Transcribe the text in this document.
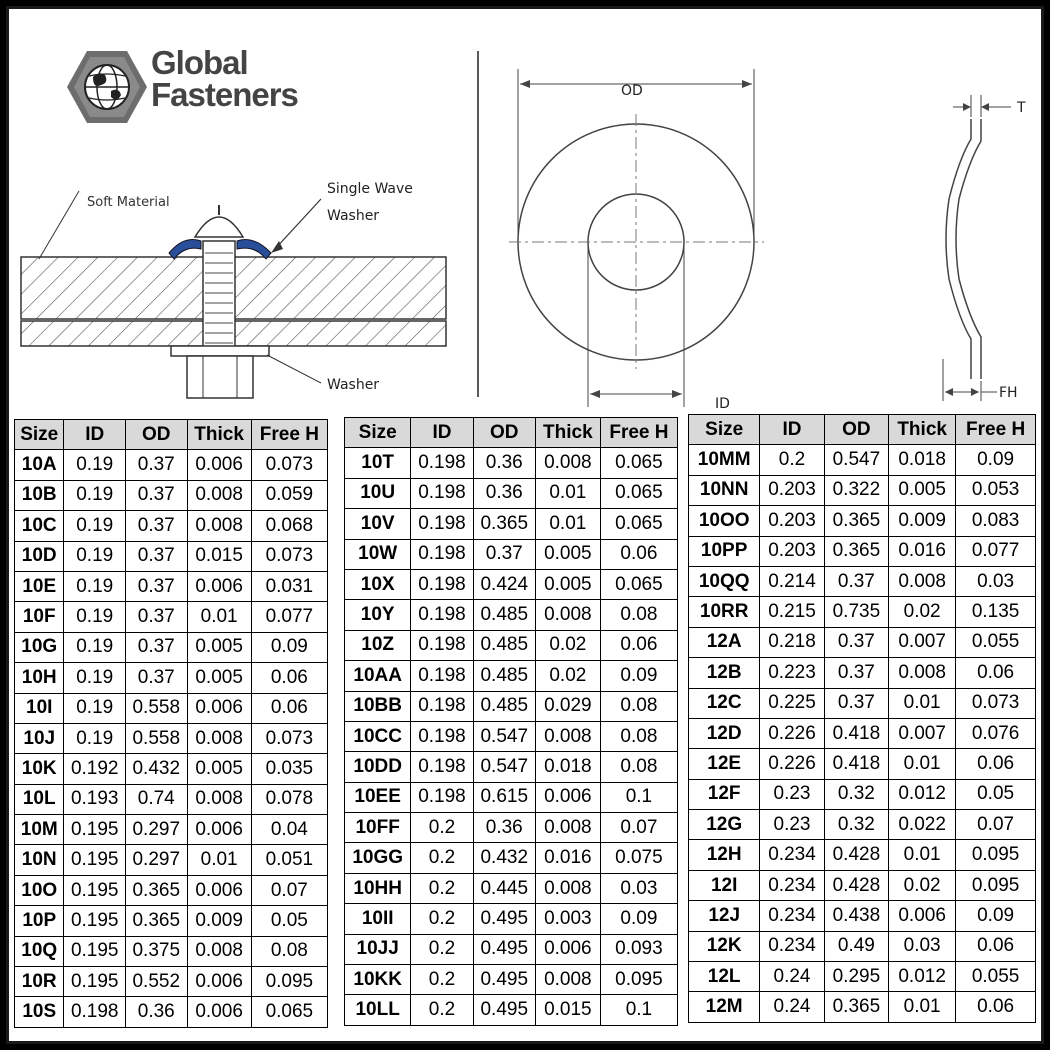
Global
Fasteners
Soft Material
Single Wave
Washer
Washer
OD
ID
T
FH
Size	ID	OD	Thick	Free H
10A	0.19	0.37	0.006	0.073
10B	0.19	0.37	0.008	0.059
10C	0.19	0.37	0.008	0.068
10D	0.19	0.37	0.015	0.073
10E	0.19	0.37	0.006	0.031
10F	0.19	0.37	0.01	0.077
10G	0.19	0.37	0.005	0.09
10H	0.19	0.37	0.005	0.06
10I	0.19	0.558	0.006	0.06
10J	0.19	0.558	0.008	0.073
10K	0.192	0.432	0.005	0.035
10L	0.193	0.74	0.008	0.078
10M	0.195	0.297	0.006	0.04
10N	0.195	0.297	0.01	0.051
10O	0.195	0.365	0.006	0.07
10P	0.195	0.365	0.009	0.05
10Q	0.195	0.375	0.008	0.08
10R	0.195	0.552	0.006	0.095
10S	0.198	0.36	0.006	0.065
Size	ID	OD	Thick	Free H
10T	0.198	0.36	0.008	0.065
10U	0.198	0.36	0.01	0.065
10V	0.198	0.365	0.01	0.065
10W	0.198	0.37	0.005	0.06
10X	0.198	0.424	0.005	0.065
10Y	0.198	0.485	0.008	0.08
10Z	0.198	0.485	0.02	0.06
10AA	0.198	0.485	0.02	0.09
10BB	0.198	0.485	0.029	0.08
10CC	0.198	0.547	0.008	0.08
10DD	0.198	0.547	0.018	0.08
10EE	0.198	0.615	0.006	0.1
10FF	0.2	0.36	0.008	0.07
10GG	0.2	0.432	0.016	0.075
10HH	0.2	0.445	0.008	0.03
10II	0.2	0.495	0.003	0.09
10JJ	0.2	0.495	0.006	0.093
10KK	0.2	0.495	0.008	0.095
10LL	0.2	0.495	0.015	0.1
Size	ID	OD	Thick	Free H
10MM	0.2	0.547	0.018	0.09
10NN	0.203	0.322	0.005	0.053
10OO	0.203	0.365	0.009	0.083
10PP	0.203	0.365	0.016	0.077
10QQ	0.214	0.37	0.008	0.03
10RR	0.215	0.735	0.02	0.135
12A	0.218	0.37	0.007	0.055
12B	0.223	0.37	0.008	0.06
12C	0.225	0.37	0.01	0.073
12D	0.226	0.418	0.007	0.076
12E	0.226	0.418	0.01	0.06
12F	0.23	0.32	0.012	0.05
12G	0.23	0.32	0.022	0.07
12H	0.234	0.428	0.01	0.095
12I	0.234	0.428	0.02	0.095
12J	0.234	0.438	0.006	0.09
12K	0.234	0.49	0.03	0.06
12L	0.24	0.295	0.012	0.055
12M	0.24	0.365	0.01	0.06
